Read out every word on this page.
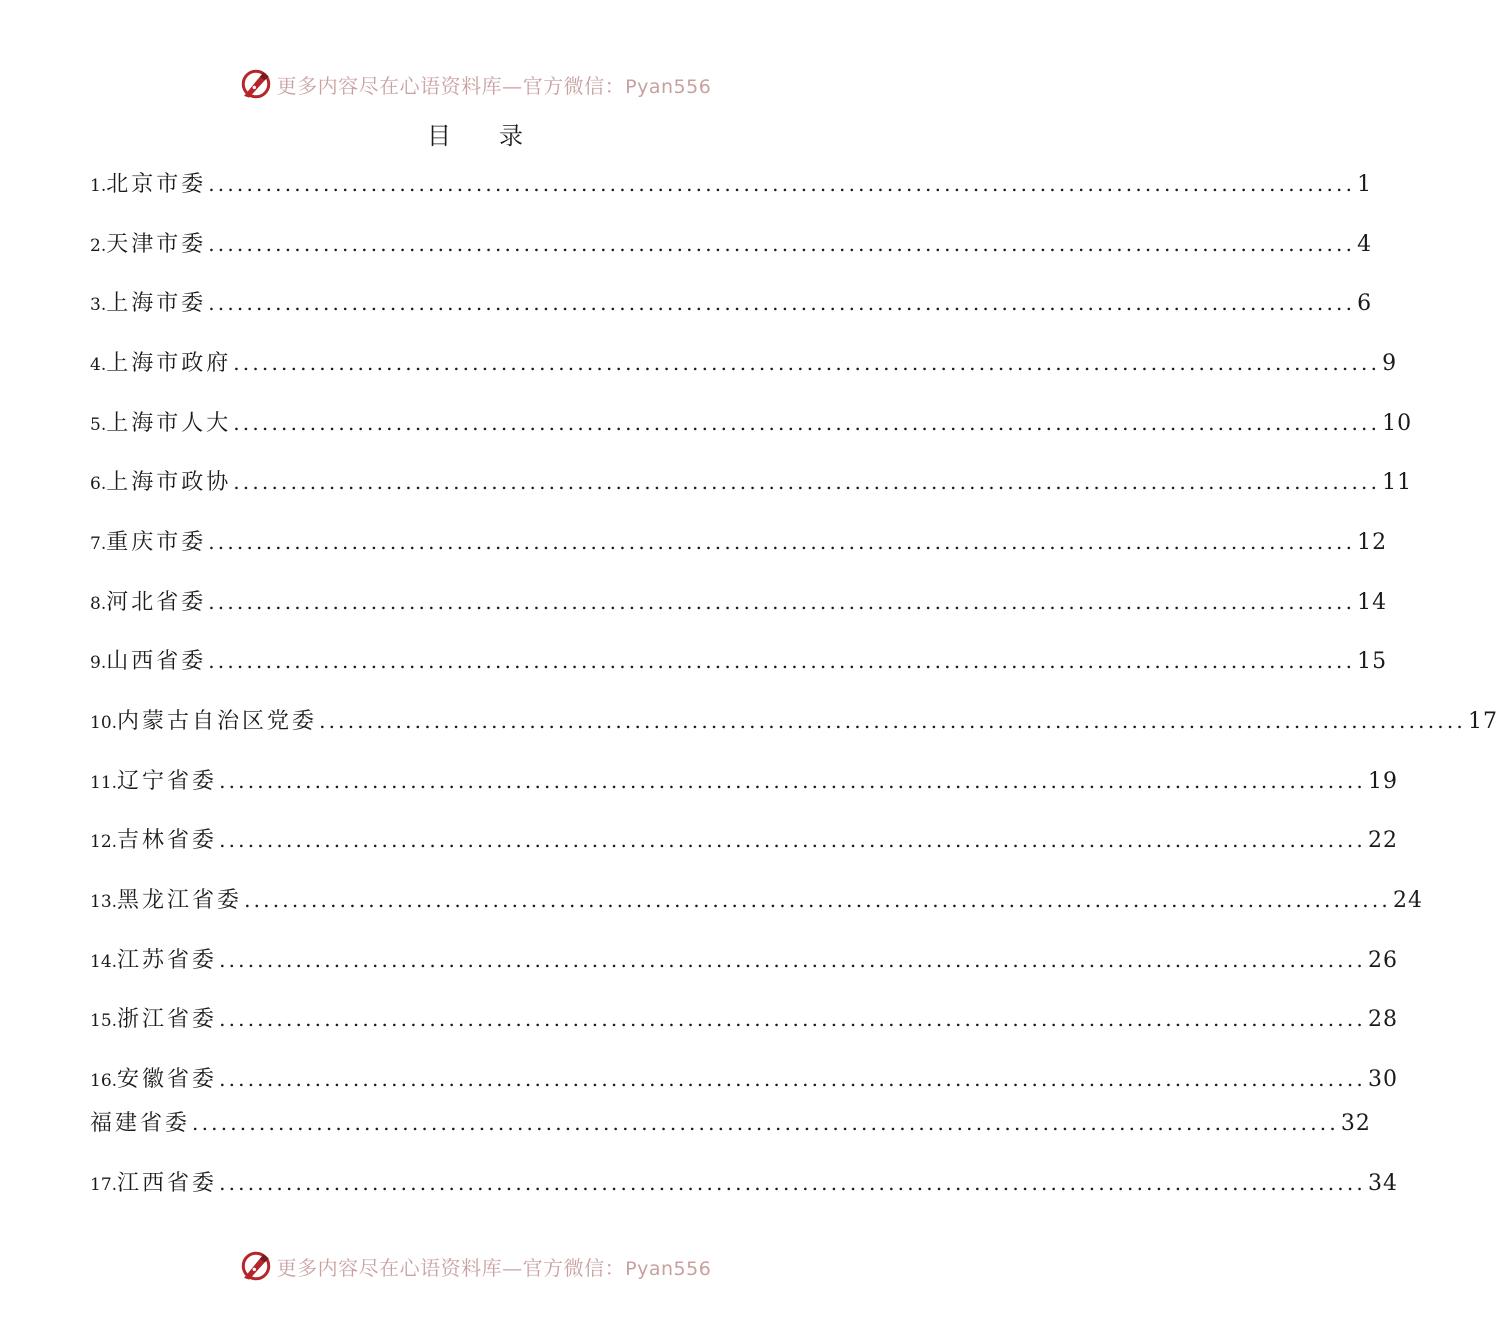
更多内容尽在心语资料库—官方微信：Pyan556
目　　录
1. 北京市委 ........................................................................................................................ 1
2. 天津市委 ........................................................................................................................ 4
3. 上海市委 ........................................................................................................................ 6
4. 上海市政府 ........................................................................................................................ 9
5. 上海市人大 ........................................................................................................................ 10
6. 上海市政协 ........................................................................................................................ 11
7. 重庆市委 ........................................................................................................................ 12
8. 河北省委 ........................................................................................................................ 14
9. 山西省委 ........................................................................................................................ 15
10. 内蒙古自治区党委 ........................................................................................................................ 17
11. 辽宁省委 ........................................................................................................................ 19
12. 吉林省委 ........................................................................................................................ 22
13. 黑龙江省委 ........................................................................................................................ 24
14. 江苏省委 ........................................................................................................................ 26
15. 浙江省委 ........................................................................................................................ 28
16. 安徽省委 ........................................................................................................................ 30
福建省委 ........................................................................................................................ 32
17. 江西省委 ........................................................................................................................ 34
更多内容尽在心语资料库—官方微信：Pyan556
